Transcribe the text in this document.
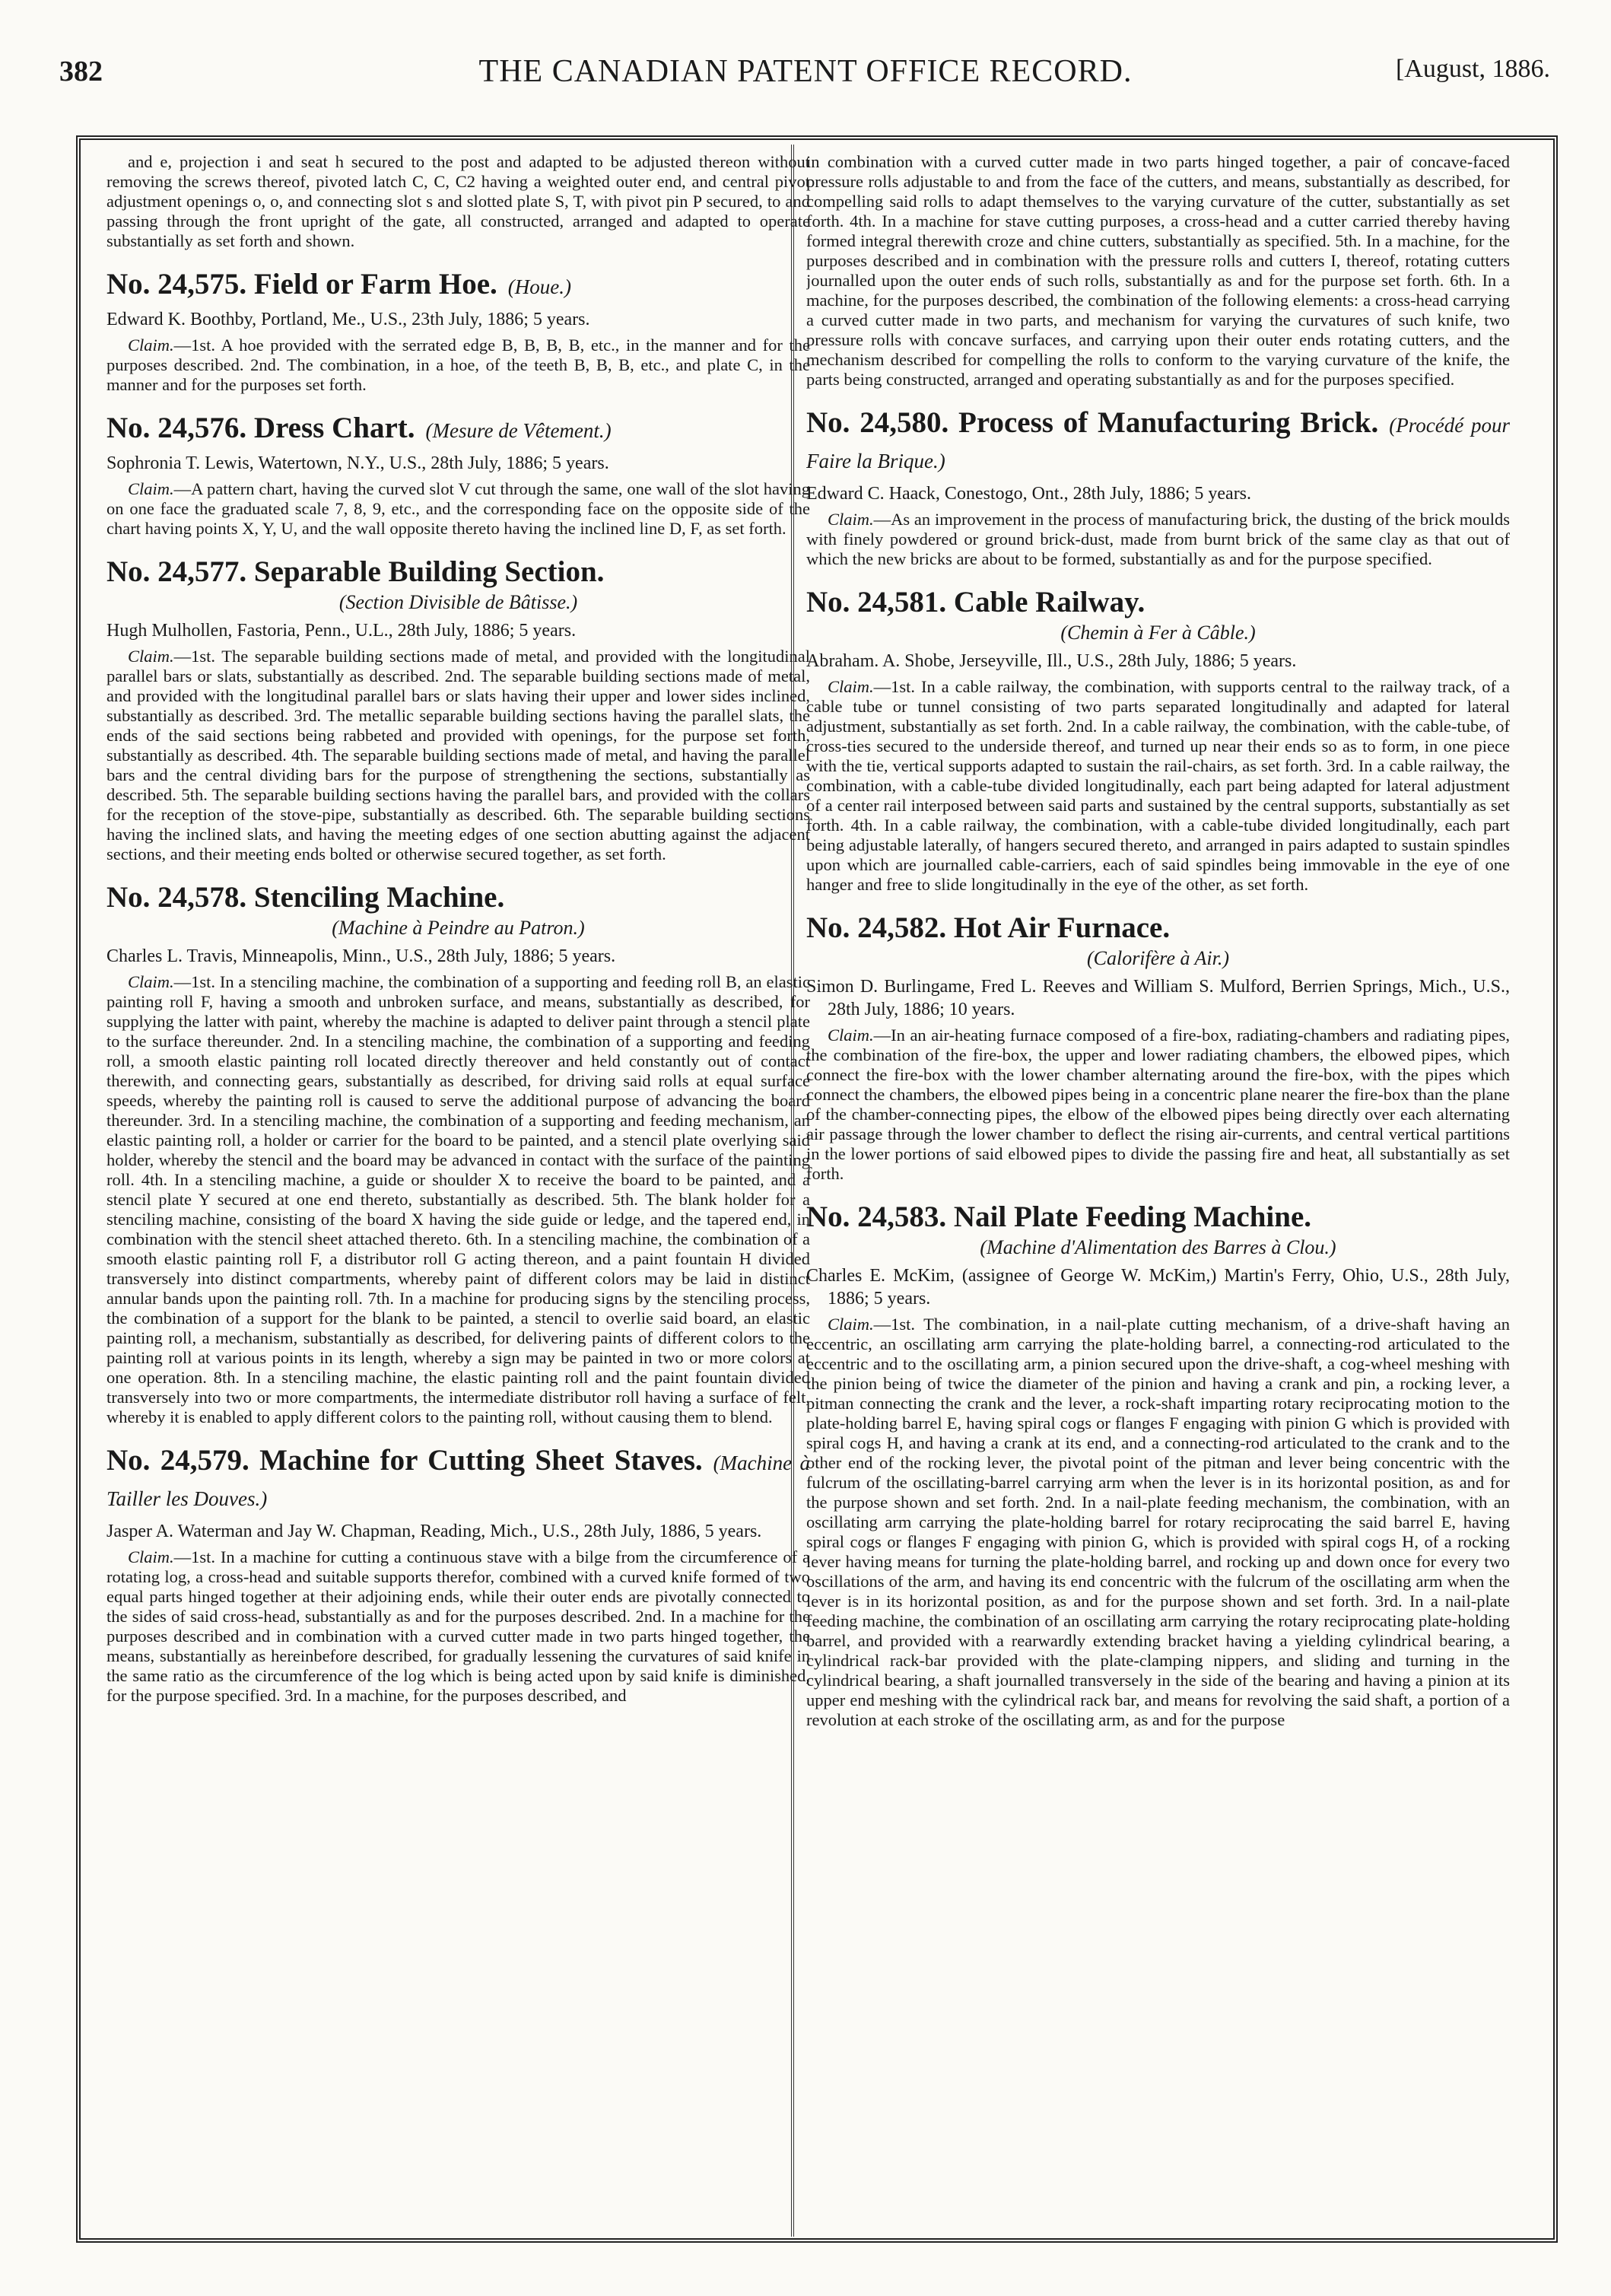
382	THE CANADIAN PATENT OFFICE RECORD.	[August, 1886.

and e, projection i and seat h secured to the post and adapted to be adjusted thereon without removing the screws thereof, pivoted latch C, C, C2 having a weighted outer end, and central pivot adjustment openings o, o, and connecting slot s and slotted plate S, T, with pivot pin P secured, to and passing through the front upright of the gate, all constructed, arranged and adapted to operate substantially as set forth and shown.

No. 24,575. Field or Farm Hoe. (Houe.)

Edward K. Boothby, Portland, Me., U.S., 23th July, 1886; 5 years.

Claim.—1st. A hoe provided with the serrated edge B, B, B, B, etc., in the manner and for the purposes described. 2nd. The combination, in a hoe, of the teeth B, B, B, etc., and plate C, in the manner and for the purposes set forth.

No. 24,576. Dress Chart. (Mesure de Vêtement.)

Sophronia T. Lewis, Watertown, N.Y., U.S., 28th July, 1886; 5 years.

Claim.—A pattern chart, having the curved slot V cut through the same, one wall of the slot having on one face the graduated scale 7, 8, 9, etc., and the corresponding face on the opposite side of the chart having points X, Y, U, and the wall opposite thereto having the inclined line D, F, as set forth.

No. 24,577. Separable Building Section.

(Section Divisible de Bâtisse.)

Hugh Mulhollen, Fastoria, Penn., U.L., 28th July, 1886; 5 years.

Claim.—1st. The separable building sections made of metal, and provided with the longitudinal parallel bars or slats, substantially as described. 2nd. The separable building sections made of metal, and provided with the longitudinal parallel bars or slats having their upper and lower sides inclined, substantially as described. 3rd. The metallic separable building sections having the parallel slats, the ends of the said sections being rabbeted and provided with openings, for the purpose set forth, substantially as described. 4th. The separable building sections made of metal, and having the parallel bars and the central dividing bars for the purpose of strengthening the sections, substantially as described. 5th. The separable building sections having the parallel bars, and provided with the collars for the reception of the stove-pipe, substantially as described. 6th. The separable building sections having the inclined slats, and having the meeting edges of one section abutting against the adjacent sections, and their meeting ends bolted or otherwise secured together, as set forth.

No. 24,578. Stenciling Machine.

(Machine à Peindre au Patron.)

Charles L. Travis, Minneapolis, Minn., U.S., 28th July, 1886; 5 years.

Claim.—1st. In a stenciling machine, the combination of a supporting and feeding roll B, an elastic painting roll F, having a smooth and unbroken surface, and means, substantially as described, for supplying the latter with paint, whereby the machine is adapted to deliver paint through a stencil plate to the surface thereunder. 2nd. In a stenciling machine, the combination of a supporting and feeding roll, a smooth elastic painting roll located directly thereover and held constantly out of contact therewith, and connecting gears, substantially as described, for driving said rolls at equal surface speeds, whereby the painting roll is caused to serve the additional purpose of advancing the board thereunder. 3rd. In a stenciling machine, the combination of a supporting and feeding mechanism, an elastic painting roll, a holder or carrier for the board to be painted, and a stencil plate overlying said holder, whereby the stencil and the board may be advanced in contact with the surface of the painting roll. 4th. In a stenciling machine, a guide or shoulder X to receive the board to be painted, and a stencil plate Y secured at one end thereto, substantially as described. 5th. The blank holder for a stenciling machine, consisting of the board X having the side guide or ledge, and the tapered end, in combination with the stencil sheet attached thereto. 6th. In a stenciling machine, the combination of a smooth elastic painting roll F, a distributor roll G acting thereon, and a paint fountain H divided transversely into distinct compartments, whereby paint of different colors may be laid in distinct annular bands upon the painting roll. 7th. In a machine for producing signs by the stenciling process, the combination of a support for the blank to be painted, a stencil to overlie said board, an elastic painting roll, a mechanism, substantially as described, for delivering paints of different colors to the painting roll at various points in its length, whereby a sign may be painted in two or more colors at one operation. 8th. In a stenciling machine, the elastic painting roll and the paint fountain divided transversely into two or more compartments, the intermediate distributor roll having a surface of felt, whereby it is enabled to apply different colors to the painting roll, without causing them to blend.

No. 24,579. Machine for Cutting Sheet Staves. (Machine à Tailler les Douves.)

Jasper A. Waterman and Jay W. Chapman, Reading, Mich., U.S., 28th July, 1886, 5 years.

Claim.—1st. In a machine for cutting a continuous stave with a bilge from the circumference of a rotating log, a cross-head and suitable supports therefor, combined with a curved knife formed of two equal parts hinged together at their adjoining ends, while their outer ends are pivotally connected to the sides of said cross-head, substantially as and for the purposes described. 2nd. In a machine for the purposes described and in combination with a curved cutter made in two parts hinged together, the means, substantially as hereinbefore described, for gradually lessening the curvatures of said knife in the same ratio as the circumference of the log which is being acted upon by said knife is diminished, for the purpose specified. 3rd. In a machine, for the purposes described, and

in combination with a curved cutter made in two parts hinged together, a pair of concave-faced pressure rolls adjustable to and from the face of the cutters, and means, substantially as described, for compelling said rolls to adapt themselves to the varying curvature of the cutter, substantially as set forth. 4th. In a machine for stave cutting purposes, a cross-head and a cutter carried thereby having formed integral therewith croze and chine cutters, substantially as specified. 5th. In a machine, for the purposes described and in combination with the pressure rolls and cutters I, thereof, rotating cutters journalled upon the outer ends of such rolls, substantially as and for the purpose set forth. 6th. In a machine, for the purposes described, the combination of the following elements: a cross-head carrying a curved cutter made in two parts, and mechanism for varying the curvatures of such knife, two pressure rolls with concave surfaces, and carrying upon their outer ends rotating cutters, and the mechanism described for compelling the rolls to conform to the varying curvature of the knife, the parts being constructed, arranged and operating substantially as and for the purposes specified.

No. 24,580. Process of Manufacturing Brick. (Procédé pour Faire la Brique.)

Edward C. Haack, Conestogo, Ont., 28th July, 1886; 5 years.

Claim.—As an improvement in the process of manufacturing brick, the dusting of the brick moulds with finely powdered or ground brick-dust, made from burnt brick of the same clay as that out of which the new bricks are about to be formed, substantially as and for the purpose specified.

No. 24,581. Cable Railway.

(Chemin à Fer à Câble.)

Abraham. A. Shobe, Jerseyville, Ill., U.S., 28th July, 1886; 5 years.

Claim.—1st. In a cable railway, the combination, with supports central to the railway track, of a cable tube or tunnel consisting of two parts separated longitudinally and adapted for lateral adjustment, substantially as set forth. 2nd. In a cable railway, the combination, with the cable-tube, of cross-ties secured to the underside thereof, and turned up near their ends so as to form, in one piece with the tie, vertical supports adapted to sustain the rail-chairs, as set forth. 3rd. In a cable railway, the combination, with a cable-tube divided longitudinally, each part being adapted for lateral adjustment of a center rail interposed between said parts and sustained by the central supports, substantially as set forth. 4th. In a cable railway, the combination, with a cable-tube divided longitudinally, each part being adjustable laterally, of hangers secured thereto, and arranged in pairs adapted to sustain spindles upon which are journalled cable-carriers, each of said spindles being immovable in the eye of one hanger and free to slide longitudinally in the eye of the other, as set forth.

No. 24,582. Hot Air Furnace.

(Calorifère à Air.)

Simon D. Burlingame, Fred L. Reeves and William S. Mulford, Berrien Springs, Mich., U.S., 28th July, 1886; 10 years.

Claim.—In an air-heating furnace composed of a fire-box, radiating-chambers and radiating pipes, the combination of the fire-box, the upper and lower radiating chambers, the elbowed pipes, which connect the fire-box with the lower chamber alternating around the fire-box, with the pipes which connect the chambers, the elbowed pipes being in a concentric plane nearer the fire-box than the plane of the chamber-connecting pipes, the elbow of the elbowed pipes being directly over each alternating air passage through the lower chamber to deflect the rising air-currents, and central vertical partitions in the lower portions of said elbowed pipes to divide the passing fire and heat, all substantially as set forth.

No. 24,583. Nail Plate Feeding Machine.

(Machine d'Alimentation des Barres à Clou.)

Charles E. McKim, (assignee of George W. McKim,) Martin's Ferry, Ohio, U.S., 28th July, 1886; 5 years.

Claim.—1st. The combination, in a nail-plate cutting mechanism, of a drive-shaft having an eccentric, an oscillating arm carrying the plate-holding barrel, a connecting-rod articulated to the eccentric and to the oscillating arm, a pinion secured upon the drive-shaft, a cog-wheel meshing with the pinion being of twice the diameter of the pinion and having a crank and pin, a rocking lever, a pitman connecting the crank and the lever, a rock-shaft imparting rotary reciprocating motion to the plate-holding barrel E, having spiral cogs or flanges F engaging with pinion G which is provided with spiral cogs H, and having a crank at its end, and a connecting-rod articulated to the crank and to the other end of the rocking lever, the pivotal point of the pitman and lever being concentric with the fulcrum of the oscillating-barrel carrying arm when the lever is in its horizontal position, as and for the purpose shown and set forth. 2nd. In a nail-plate feeding mechanism, the combination, with an oscillating arm carrying the plate-holding barrel for rotary reciprocating the said barrel E, having spiral cogs or flanges F engaging with pinion G, which is provided with spiral cogs H, of a rocking lever having means for turning the plate-holding barrel, and rocking up and down once for every two oscillations of the arm, and having its end concentric with the fulcrum of the oscillating arm when the lever is in its horizontal position, as and for the purpose shown and set forth. 3rd. In a nail-plate feeding machine, the combination of an oscillating arm carrying the rotary reciprocating plate-holding barrel, and provided with a rearwardly extending bracket having a yielding cylindrical bearing, a cylindrical rack-bar provided with the plate-clamping nippers, and sliding and turning in the cylindrical bearing, a shaft journalled transversely in the side of the bearing and having a pinion at its upper end meshing with the cylindrical rack bar, and means for revolving the said shaft, a portion of a revolution at each stroke of the oscillating arm, as and for the purpose
